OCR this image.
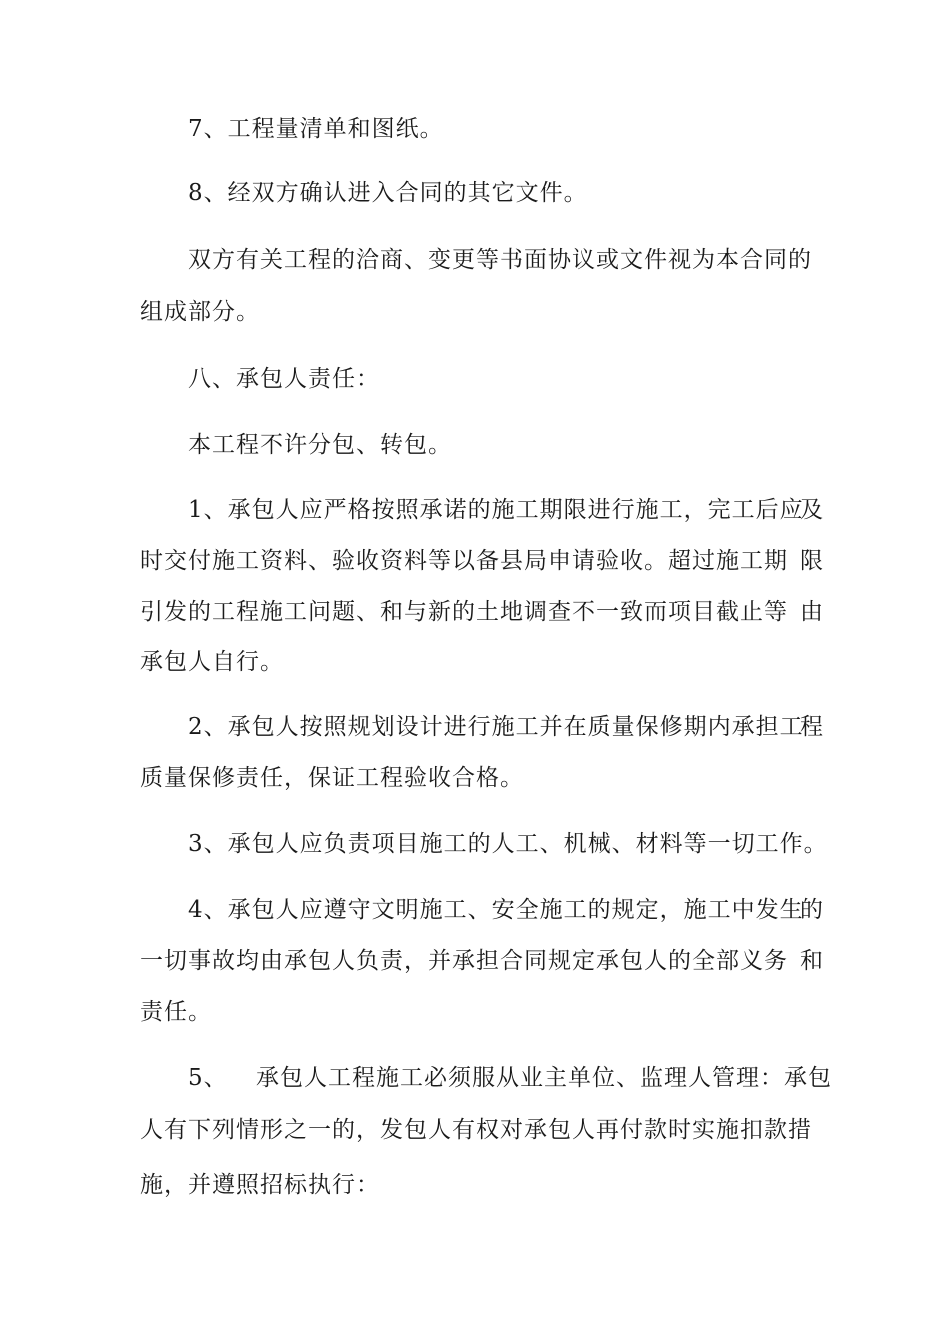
7、工程量清单和图纸。
8、经双方确认进入合同的其它文件。
双方有关工程的洽商、变更等书面协议或文件视为本合同的
组成部分。
八、承包人责任：
本工程不许分包、转包。
1、承包人应严格按照承诺的施工期限进行施工，完工后应
及
时交付施工资料、验收资料等以备县局申请验收。超过施工期 限
引发的工程施工问题、和与新的土地调查不一致而项目截止等 由
承包人自行。
2、承包人按照规划设计进行施工并在质量保修期内承担工
程
质量保修责任，保证工程验收合格。
3、承包人应负责项目施工的人工、机械、材料等一切工作。
4、承包人应遵守文明施工、安全施工的规定，施工中发生
的
一切事故均由承包人负责，并承担合同规定承包人的全部义务 和
责任。
5、 承包人工程施工必须服从业主单位、监理人管理：承包
人有下列情形之一的，发包人有权对承包人再付款时实施扣款措
施，并遵照招标执行：
